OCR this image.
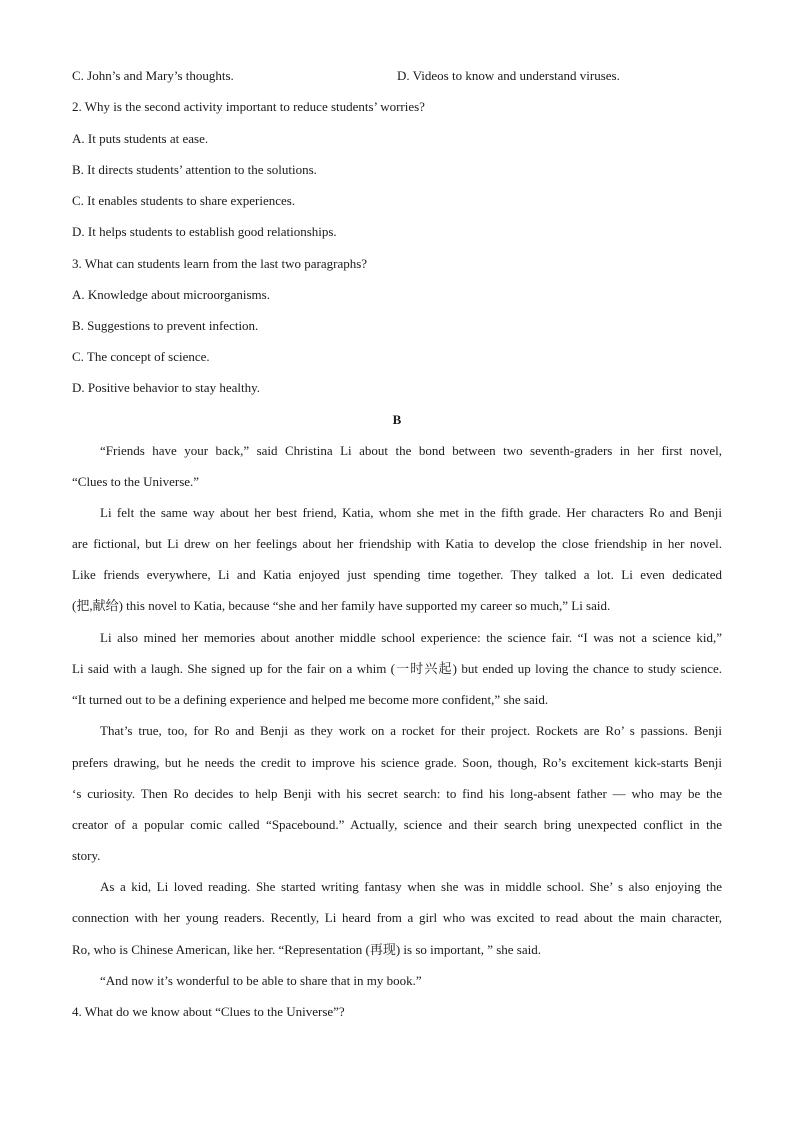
C. John’s and Mary’s thoughts.	D. Videos to know and understand viruses.
2. Why is the second activity important to reduce students’ worries?
A. It puts students at ease.
B. It directs students’ attention to the solutions.
C. It enables students to share experiences.
D. It helps students to establish good relationships.
3. What can students learn from the last two paragraphs?
A. Knowledge about microorganisms.
B. Suggestions to prevent infection.
C. The concept of science.
D. Positive behavior to stay healthy.
B
“Friends have your back,” said Christina Li about the bond between two seventh-graders in her first novel,
“Clues to the Universe.”
Li felt the same way about her best friend, Katia, whom she met in the fifth grade. Her characters Ro and Benji
are fictional, but Li drew on her feelings about her friendship with Katia to develop the close friendship in her novel.
Like friends everywhere, Li and Katia enjoyed just spending time together. They talked a lot. Li even dedicated
(把,献给) this novel to Katia, because “she and her family have supported my career so much,” Li said.
Li also mined her memories about another middle school experience: the science fair. “I was not a science kid,”
Li said with a laugh. She signed up for the fair on a whim (一时兴起) but ended up loving the chance to study science.
“It turned out to be a defining experience and helped me become more confident,” she said.
That’s true, too, for Ro and Benji as they work on a rocket for their project. Rockets are Ro’ s passions. Benji
prefers drawing, but he needs the credit to improve his science grade. Soon, though, Ro’s excitement kick-starts Benji
‘s curiosity. Then Ro decides to help Benji with his secret search: to find his long-absent father — who may be the
creator of a popular comic called “Spacebound.” Actually, science and their search bring unexpected conflict in the
story.
As a kid, Li loved reading. She started writing fantasy when she was in middle school. She’ s also enjoying the
connection with her young readers. Recently, Li heard from a girl who was excited to read about the main character,
Ro, who is Chinese American, like her. “Representation (再现) is so important, ” she said.
“And now it’s wonderful to be able to share that in my book.”
4. What do we know about “Clues to the Universe”?
